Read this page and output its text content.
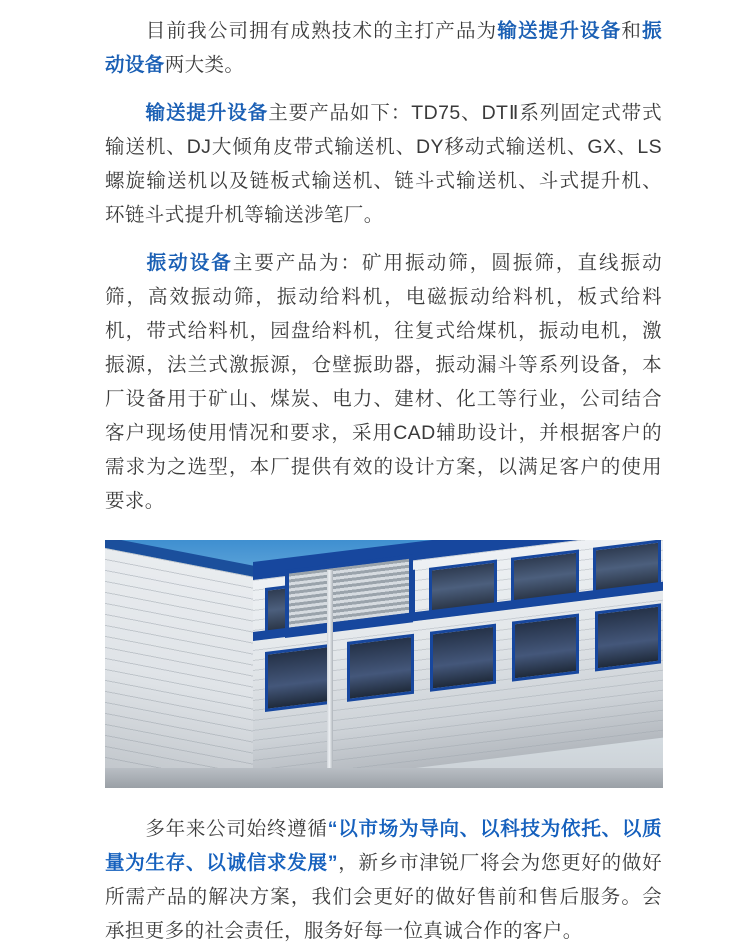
目前我公司拥有成熟技术的主打产品为输送提升设备和振动设备两大类。

输送提升设备主要产品如下：TD75、DTⅡ系列固定式带式输送机、DJ大倾角皮带式输送机、DY移动式输送机、GX、LS螺旋输送机以及链板式输送机、链斗式输送机、斗式提升机、环链斗式提升机等输送涉笔厂。

振动设备主要产品为：矿用振动筛，圆振筛，直线振动筛，高效振动筛，振动给料机，电磁振动给料机，板式给料机，带式给料机，园盘给料机，往复式给煤机，振动电机，激振源，法兰式激振源，仓壁振助器，振动漏斗等系列设备，本厂设备用于矿山、煤炭、电力、建材、化工等行业，公司结合客户现场使用情况和要求，采用CAD辅助设计，并根据客户的需求为之选型，本厂提供有效的设计方案，以满足客户的使用要求。

多年来公司始终遵循“以市场为导向、以科技为依托、以质量为生存、以诚信求发展”，新乡市津锐厂将会为您更好的做好所需产品的解决方案，我们会更好的做好售前和售后服务。会承担更多的社会责任，服务好每一位真诚合作的客户。
